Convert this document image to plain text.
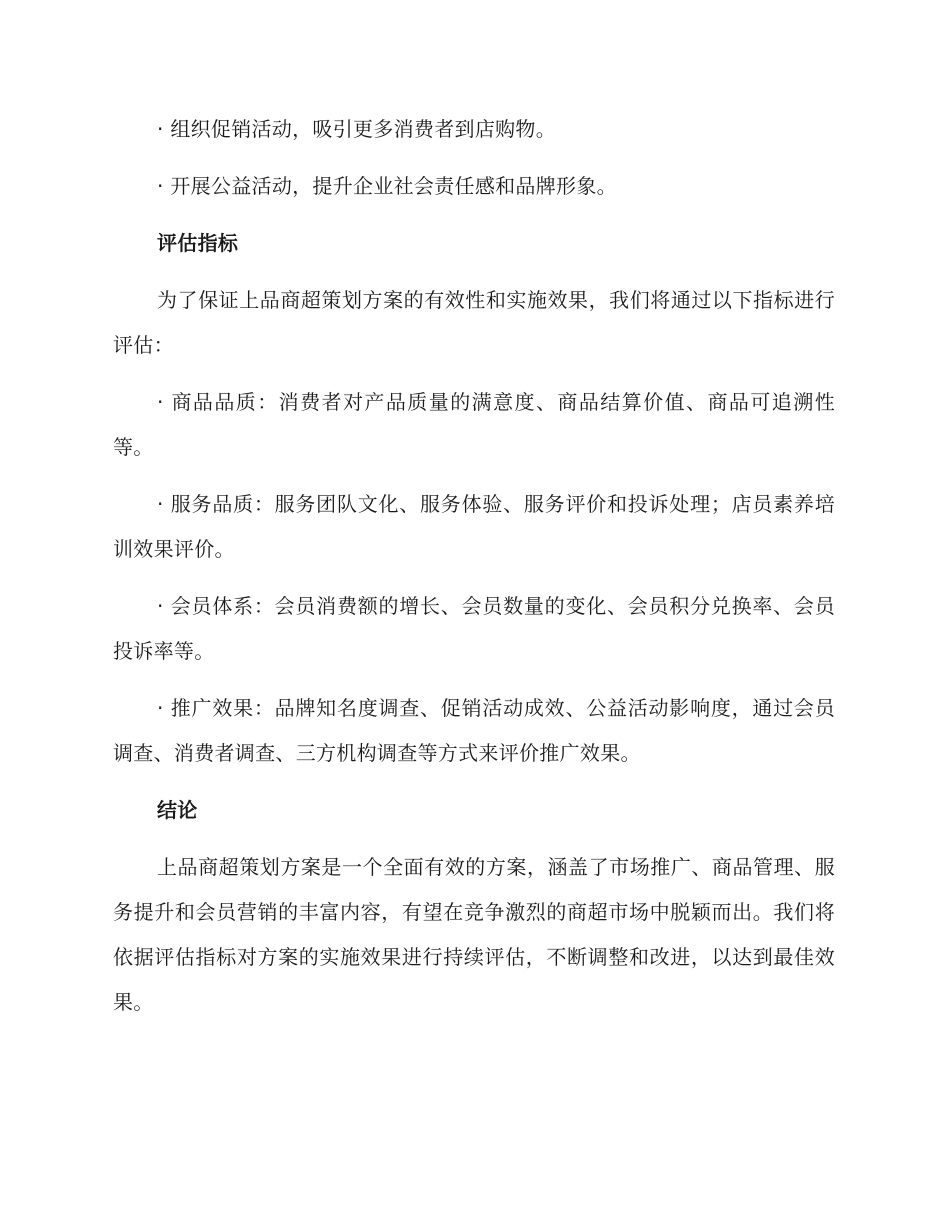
· 组织促销活动，吸引更多消费者到店购物。

· 开展公益活动，提升企业社会责任感和品牌形象。

评估指标

为了保证上品商超策划方案的有效性和实施效果，我们将通过以下指标进行评估：

· 商品品质：消费者对产品质量的满意度、商品结算价值、商品可追溯性等。

· 服务品质：服务团队文化、服务体验、服务评价和投诉处理；店员素养培训效果评价。

· 会员体系：会员消费额的增长、会员数量的变化、会员积分兑换率、会员投诉率等。

· 推广效果：品牌知名度调查、促销活动成效、公益活动影响度，通过会员调查、消费者调查、三方机构调查等方式来评价推广效果。

结论

上品商超策划方案是一个全面有效的方案，涵盖了市场推广、商品管理、服务提升和会员营销的丰富内容，有望在竞争激烈的商超市场中脱颖而出。我们将依据评估指标对方案的实施效果进行持续评估，不断调整和改进，以达到最佳效果。
